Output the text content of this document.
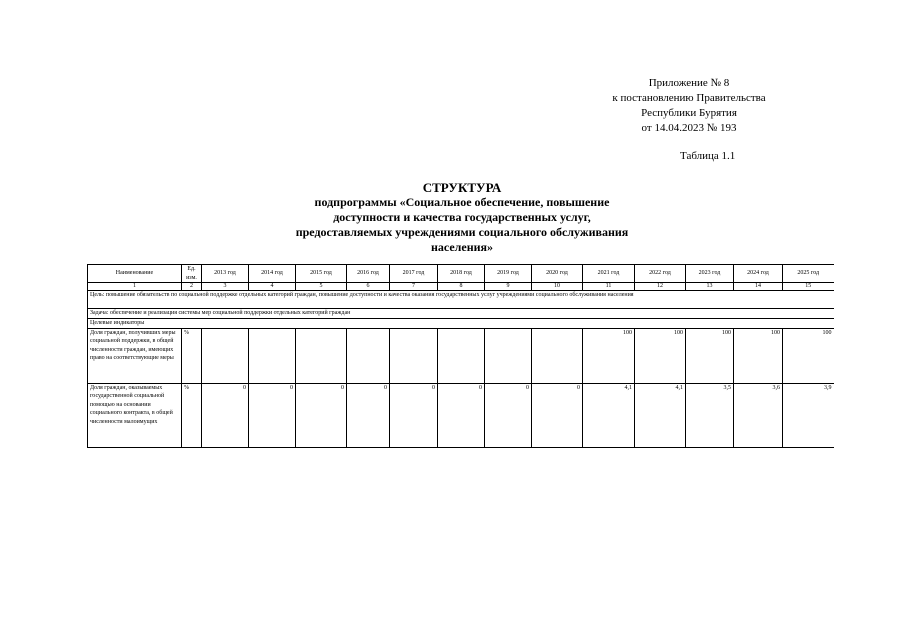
Приложение № 8
к постановлению Правительства
Республики Бурятия
от 14.04.2023 № 193
Таблица 1.1
СТРУКТУРА
подпрограммы «Социальное обеспечение, повышение
доступности и качества государственных услуг,
предоставляемых учреждениями социального обслуживания
населения»
Наименование	Ед. изм.	2013 год	2014 год	2015 год	2016 год	2017 год	2018 год	2019 год	2020 год	2021 год	2022 год	2023 год	2024 год	2025 год
1	2	3	4	5	6	7	8	9	10	11	12	13	14	15
Цель: повышение обязательств по социальной поддержке отдельных категорий граждан, повышение доступности и качества оказания государственных услуг учреждениями социального обслуживания населения														
Задача: обеспечение и реализация системы мер социальной поддержки отдельных категорий граждан														
Целевые индикаторы														
Доля граждан, получивших меры социальной поддержки, в общей численности граждан, имеющих право на соответствующие меры	%									100	100	100	100	100
Доля граждан, оказываемых государственной социальной помощью на основании социального контракта, в общей численности малоимущих	%	0	0	0	0	0	0	0	0	4,1	4,1	3,5	3,6	3,9
